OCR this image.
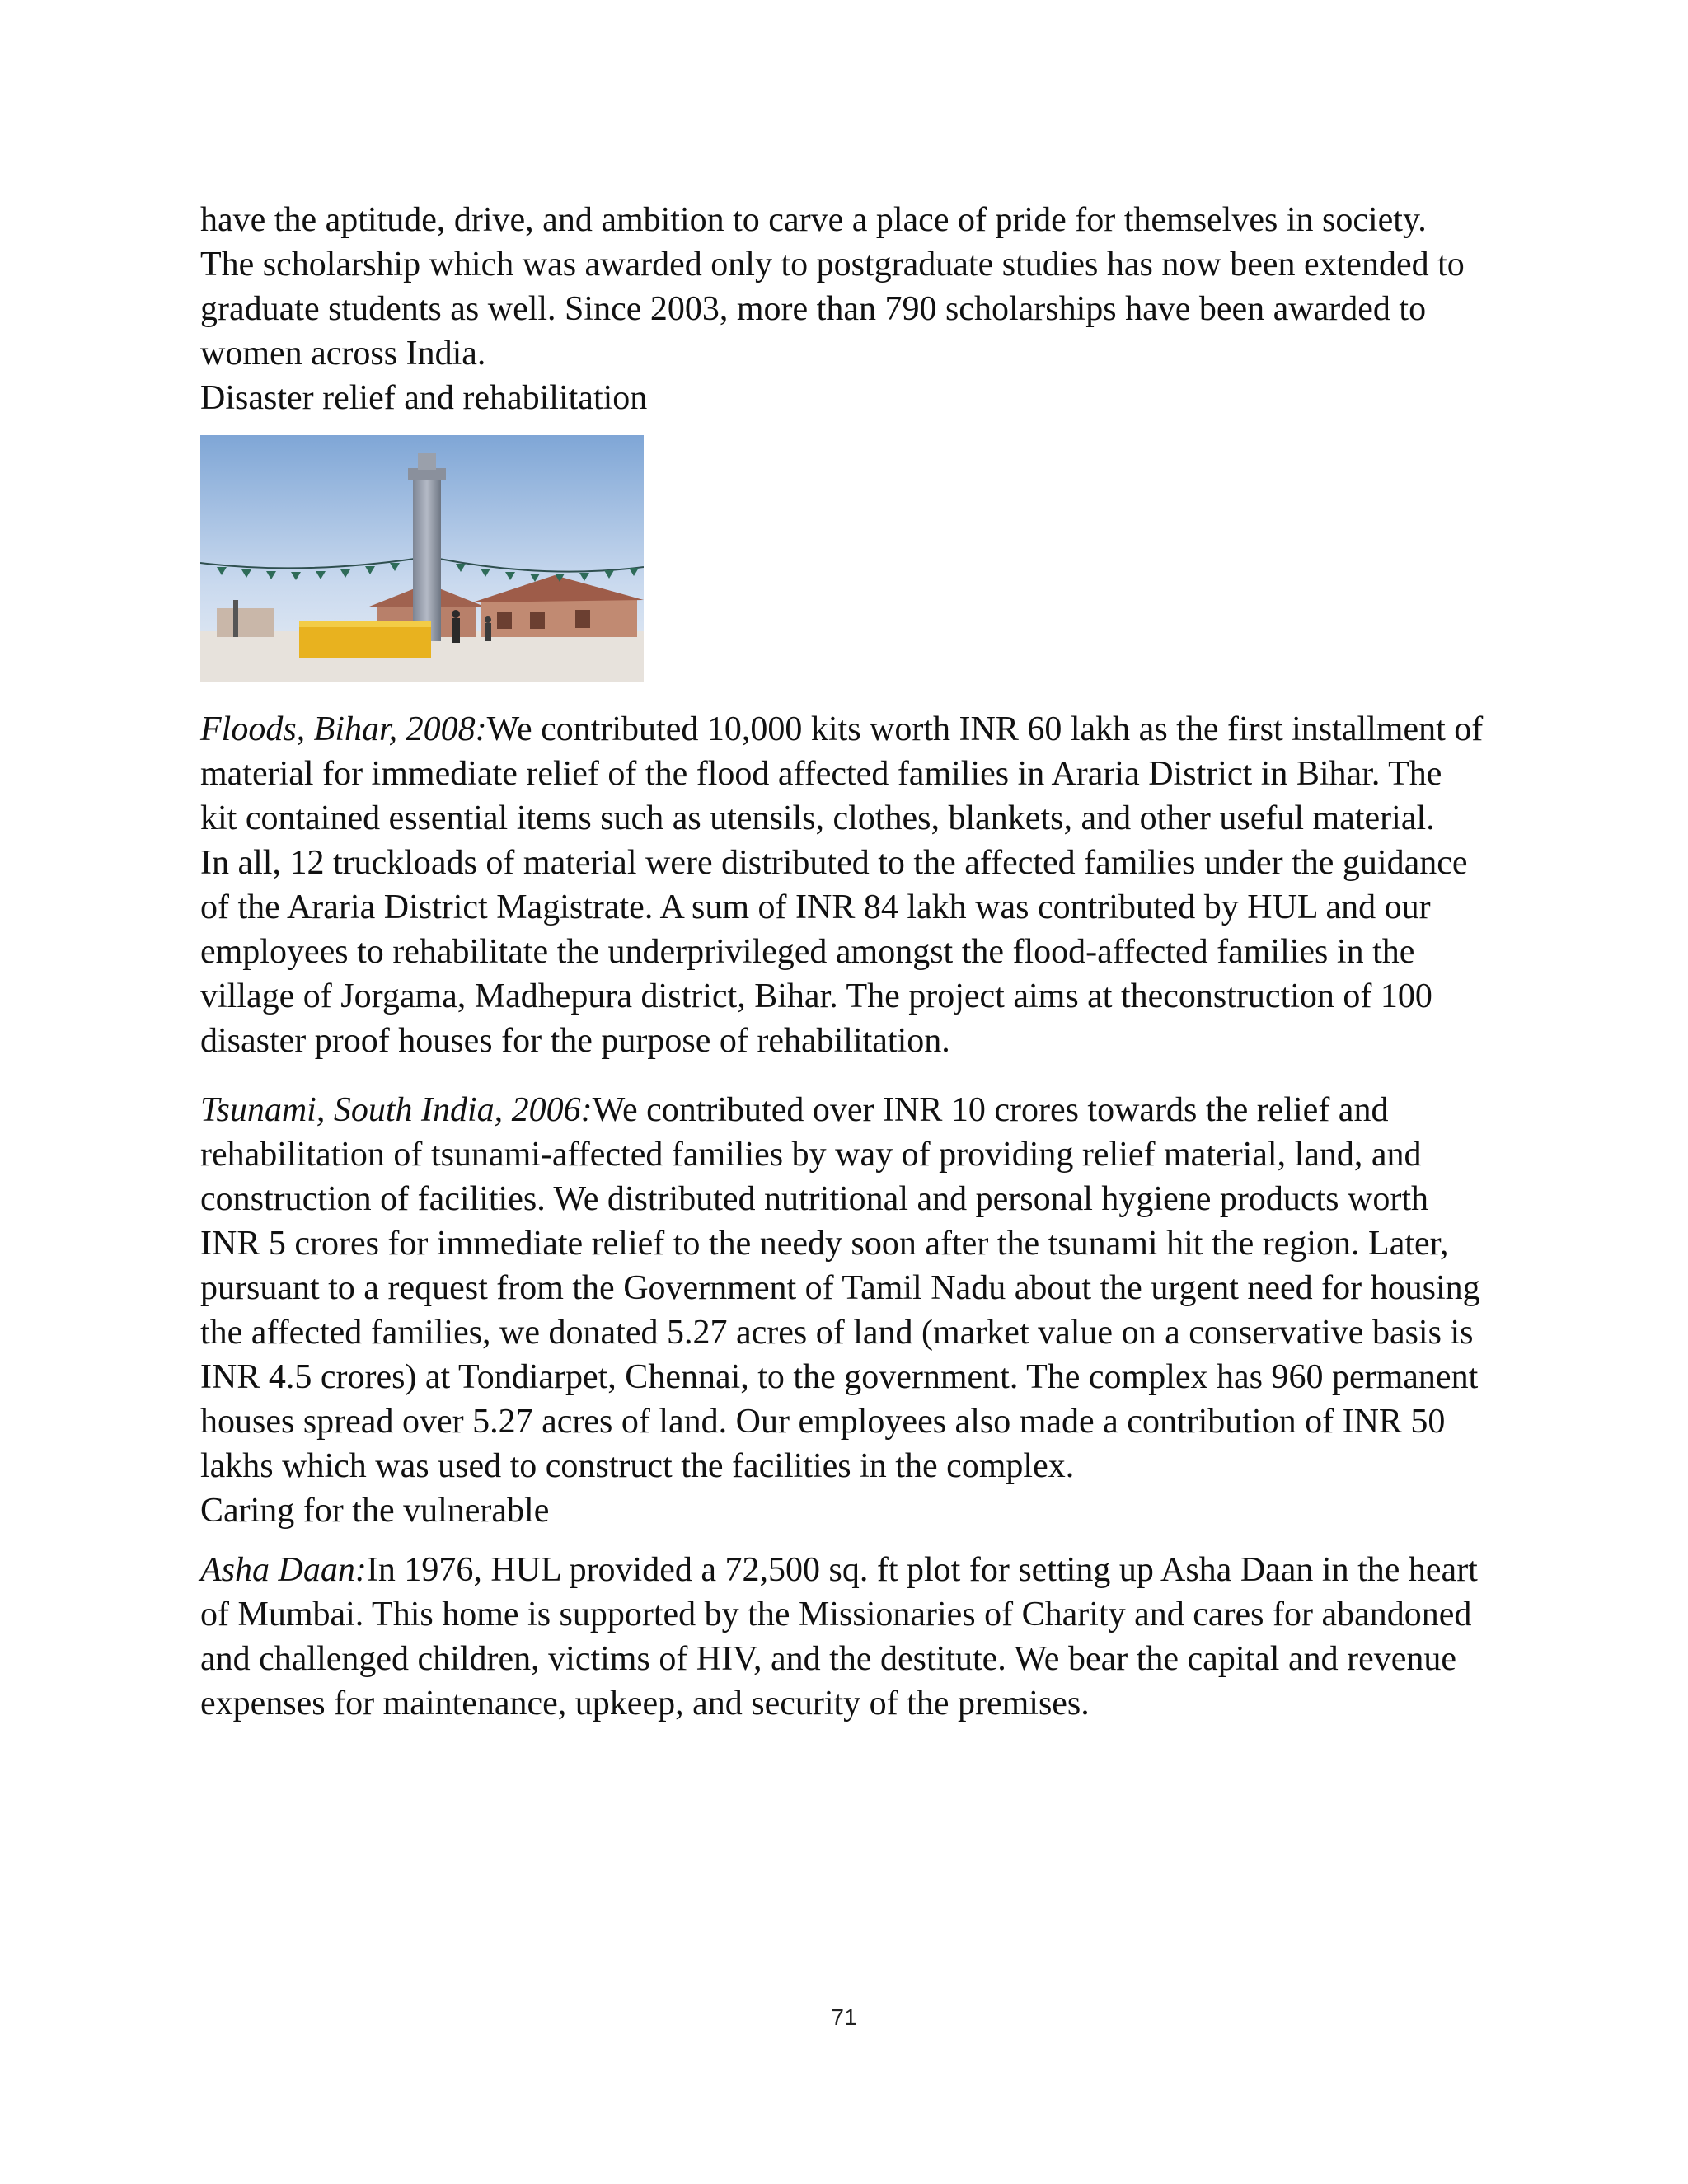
have the aptitude, drive, and ambition to carve a place of pride for themselves in society. The scholarship which was awarded only to postgraduate studies has now been extended to graduate students as well. Since 2003, more than 790 scholarships have been awarded to women across India.

Disaster relief and rehabilitation

Floods, Bihar, 2008:We contributed 10,000 kits worth INR 60 lakh as the first installment of material for immediate relief of the flood affected families in Araria District in Bihar. The kit contained essential items such as utensils, clothes, blankets, and other useful material.

In all, 12 truckloads of material were distributed to the affected families under the guidance of the Araria District Magistrate. A sum of INR 84 lakh was contributed by HUL and our employees to rehabilitate the underprivileged amongst the flood-affected families in the village of Jorgama, Madhepura district, Bihar. The project aims at theconstruction of 100 disaster proof houses for the purpose of rehabilitation.

Tsunami, South India, 2006:We contributed over INR 10 crores towards the relief and rehabilitation of tsunami-affected families by way of providing relief material, land, and construction of facilities. We distributed nutritional and personal hygiene products worth INR 5 crores for immediate relief to the needy soon after the tsunami hit the region. Later, pursuant to a request from the Government of Tamil Nadu about the urgent need for housing the affected families, we donated 5.27 acres of land (market value on a conservative basis is INR 4.5 crores) at Tondiarpet, Chennai, to the government. The complex has 960 permanent houses spread over 5.27 acres of land. Our employees also made a contribution of INR 50 lakhs which was used to construct the facilities in the complex.

Caring for the vulnerable

Asha Daan:In 1976, HUL provided a 72,500 sq. ft plot for setting up Asha Daan in the heart of Mumbai. This home is supported by the Missionaries of Charity and cares for abandoned and challenged children, victims of HIV, and the destitute. We bear the capital and revenue expenses for maintenance, upkeep, and security of the premises.

71
